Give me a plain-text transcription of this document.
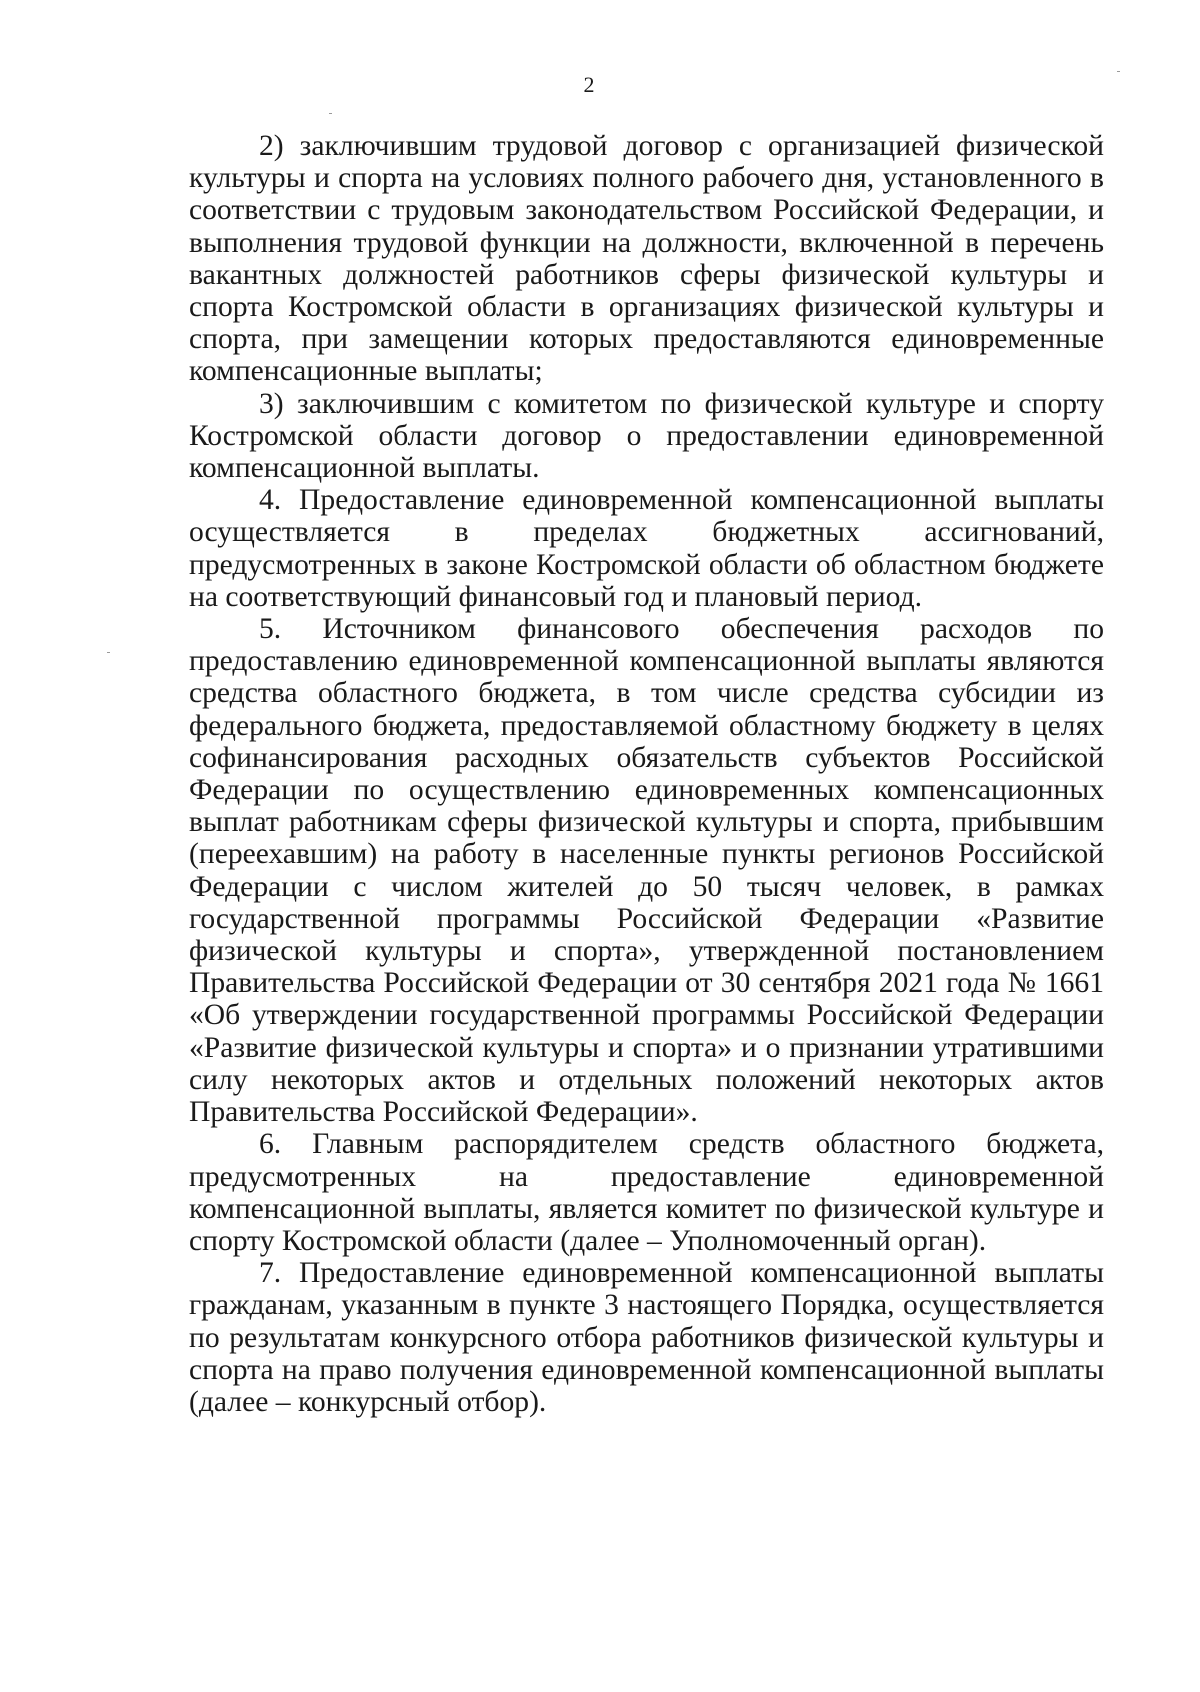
2

2) заключившим трудовой договор с организацией физической культуры и спорта на условиях полного рабочего дня, установленного в соответствии с трудовым законодательством Российской Федерации, и выполнения трудовой функции на должности, включенной в перечень вакантных должностей работников сферы физической культуры и спорта Костромской области в организациях физической культуры и спорта, при замещении которых предоставляются единовременные компенсационные выплаты;

3) заключившим с комитетом по физической культуре и спорту Костромской области договор о предоставлении единовременной компенсационной выплаты.

4. Предоставление единовременной компенсационной выплаты осуществляется в пределах бюджетных ассигнований, предусмотренных в законе Костромской области об областном бюджете на соответствующий финансовый год и плановый период.

5. Источником финансового обеспечения расходов по предоставлению единовременной компенсационной выплаты являются средства областного бюджета, в том числе средства субсидии из федерального бюджета, предоставляемой областному бюджету в целях софинансирования расходных обязательств субъектов Российской Федерации по осуществлению единовременных компенсационных выплат работникам сферы физической культуры и спорта, прибывшим (переехавшим) на работу в населенные пункты регионов Российской Федерации с числом жителей до 50 тысяч человек, в рамках государственной программы Российской Федерации «Развитие физической культуры и спорта», утвержденной постановлением Правительства Российской Федерации от 30 сентября 2021 года № 1661 «Об утверждении государственной программы Российской Федерации «Развитие физической культуры и спорта» и о признании утратившими силу некоторых актов и отдельных положений некоторых актов Правительства Российской Федерации».

6. Главным распорядителем средств областного бюджета, предусмотренных на предоставление единовременной компенсационной выплаты, является комитет по физической культуре и спорту Костромской области (далее – Уполномоченный орган).

7. Предоставление единовременной компенсационной выплаты гражданам, указанным в пункте 3 настоящего Порядка, осуществляется по результатам конкурсного отбора работников физической культуры и спорта на право получения единовременной компенсационной выплаты (далее – конкурсный отбор).
